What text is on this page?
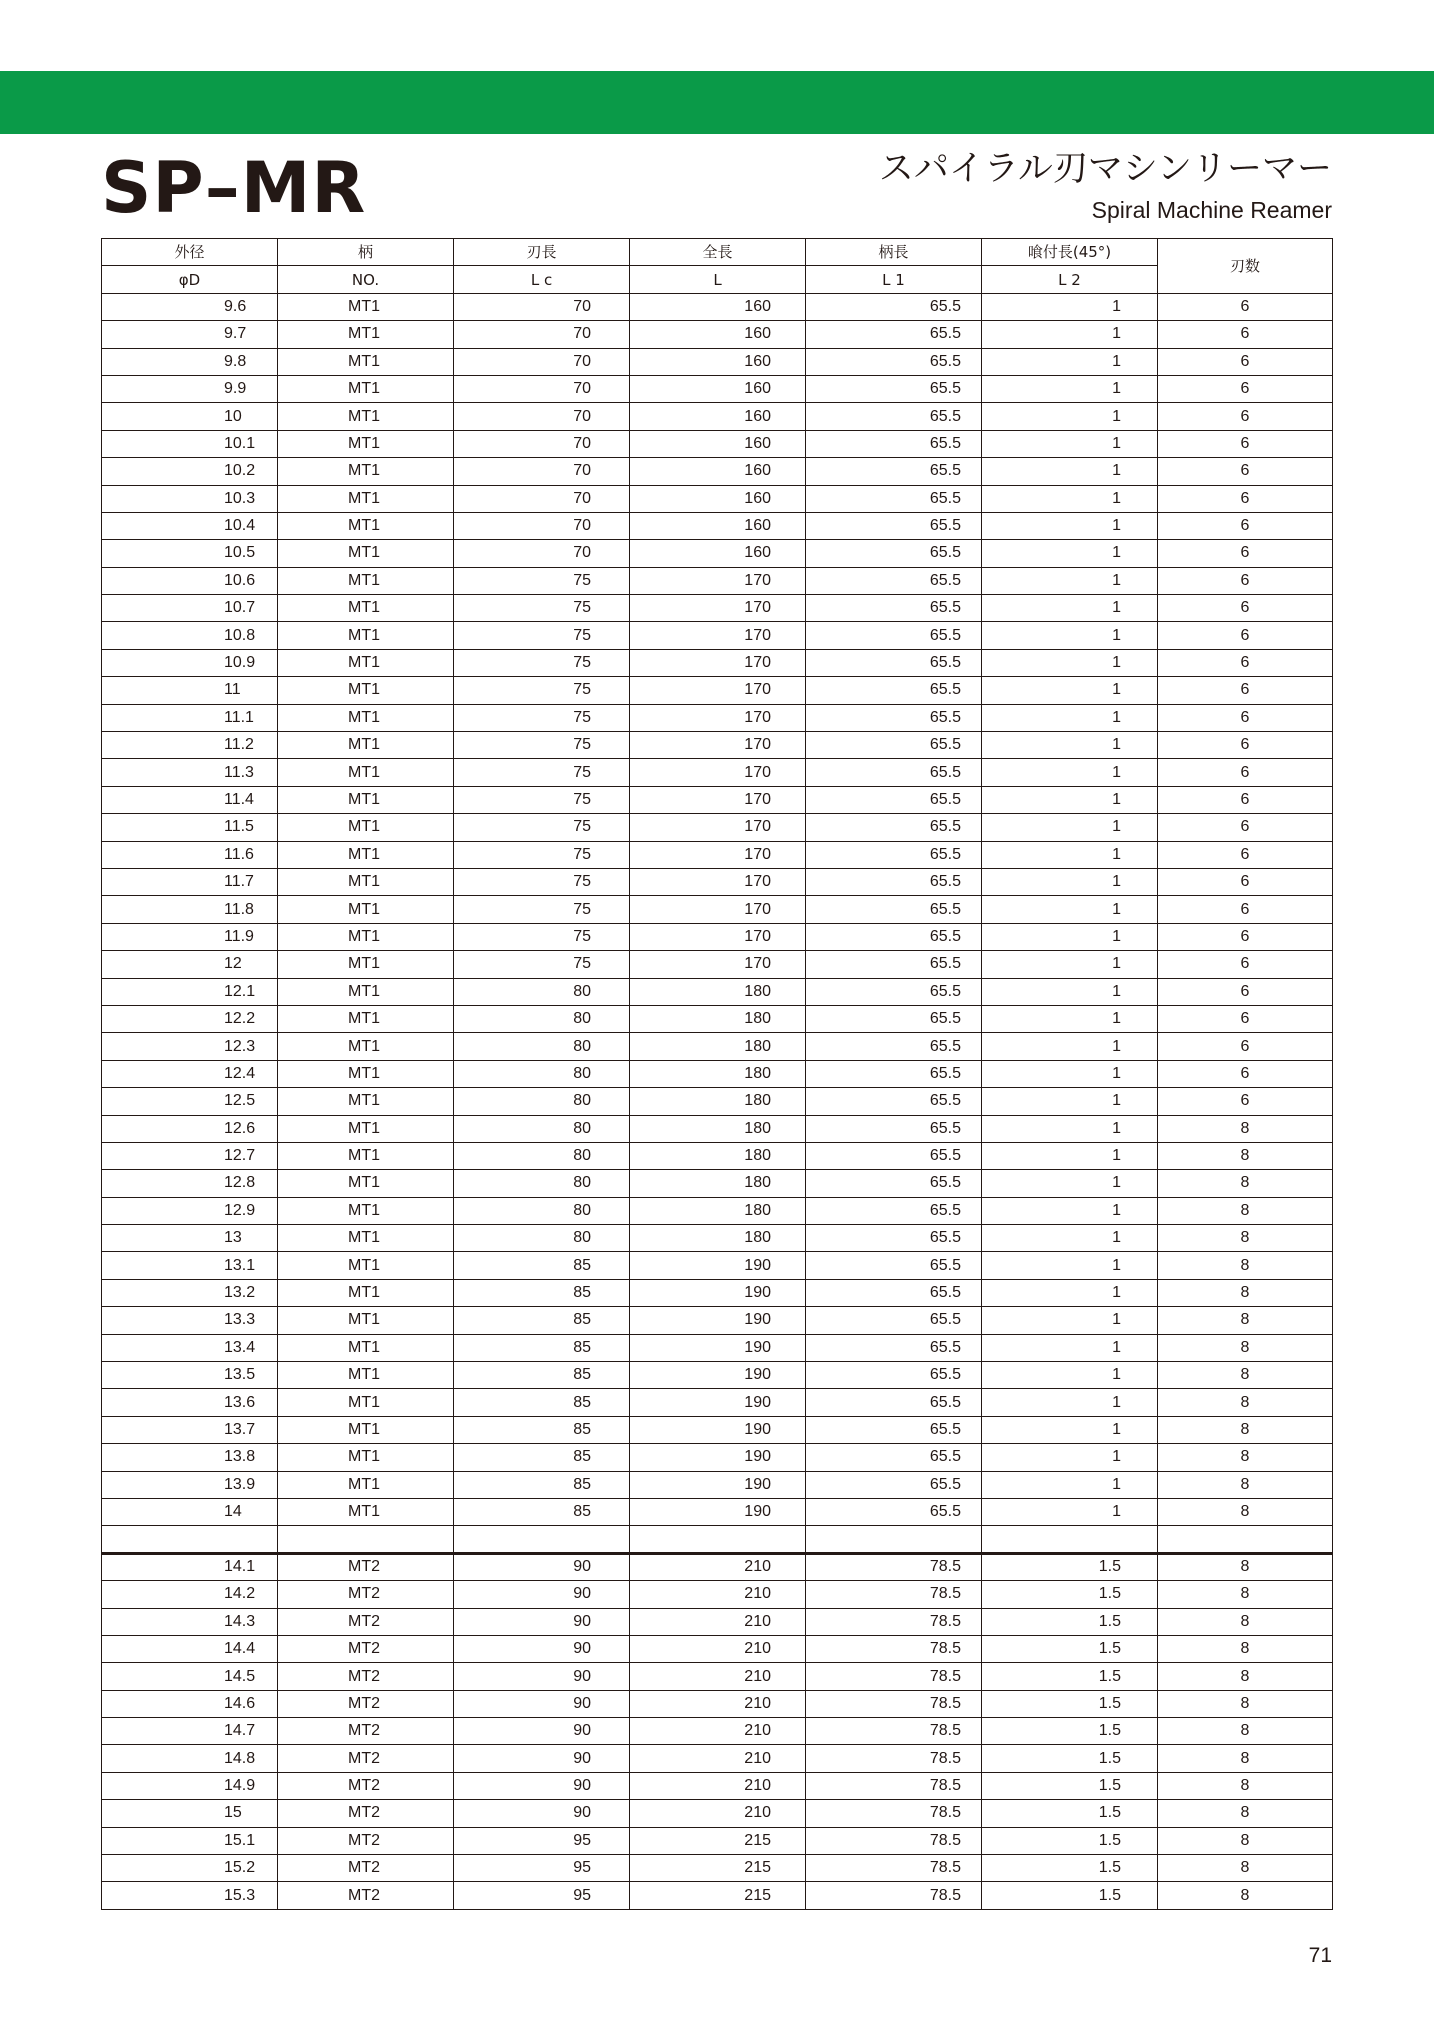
SP–MR	スパイラル刃マシンリーマー
Spiral Machine Reamer
外径	柄	刃長	全長	柄長	喰付長(45°)	刃数
φD	NO.	L c	L	L 1	L 2	
9.6	MT1	70	160	65.5	1	6
9.7	MT1	70	160	65.5	1	6
9.8	MT1	70	160	65.5	1	6
9.9	MT1	70	160	65.5	1	6
10	MT1	70	160	65.5	1	6
10.1	MT1	70	160	65.5	1	6
10.2	MT1	70	160	65.5	1	6
10.3	MT1	70	160	65.5	1	6
10.4	MT1	70	160	65.5	1	6
10.5	MT1	70	160	65.5	1	6
10.6	MT1	75	170	65.5	1	6
10.7	MT1	75	170	65.5	1	6
10.8	MT1	75	170	65.5	1	6
10.9	MT1	75	170	65.5	1	6
11	MT1	75	170	65.5	1	6
11.1	MT1	75	170	65.5	1	6
11.2	MT1	75	170	65.5	1	6
11.3	MT1	75	170	65.5	1	6
11.4	MT1	75	170	65.5	1	6
11.5	MT1	75	170	65.5	1	6
11.6	MT1	75	170	65.5	1	6
11.7	MT1	75	170	65.5	1	6
11.8	MT1	75	170	65.5	1	6
11.9	MT1	75	170	65.5	1	6
12	MT1	75	170	65.5	1	6
12.1	MT1	80	180	65.5	1	6
12.2	MT1	80	180	65.5	1	6
12.3	MT1	80	180	65.5	1	6
12.4	MT1	80	180	65.5	1	6
12.5	MT1	80	180	65.5	1	6
12.6	MT1	80	180	65.5	1	8
12.7	MT1	80	180	65.5	1	8
12.8	MT1	80	180	65.5	1	8
12.9	MT1	80	180	65.5	1	8
13	MT1	80	180	65.5	1	8
13.1	MT1	85	190	65.5	1	8
13.2	MT1	85	190	65.5	1	8
13.3	MT1	85	190	65.5	1	8
13.4	MT1	85	190	65.5	1	8
13.5	MT1	85	190	65.5	1	8
13.6	MT1	85	190	65.5	1	8
13.7	MT1	85	190	65.5	1	8
13.8	MT1	85	190	65.5	1	8
13.9	MT1	85	190	65.5	1	8
14	MT1	85	190	65.5	1	8

14.1	MT2	90	210	78.5	1.5	8
14.2	MT2	90	210	78.5	1.5	8
14.3	MT2	90	210	78.5	1.5	8
14.4	MT2	90	210	78.5	1.5	8
14.5	MT2	90	210	78.5	1.5	8
14.6	MT2	90	210	78.5	1.5	8
14.7	MT2	90	210	78.5	1.5	8
14.8	MT2	90	210	78.5	1.5	8
14.9	MT2	90	210	78.5	1.5	8
15	MT2	90	210	78.5	1.5	8
15.1	MT2	95	215	78.5	1.5	8
15.2	MT2	95	215	78.5	1.5	8
15.3	MT2	95	215	78.5	1.5	8
71
